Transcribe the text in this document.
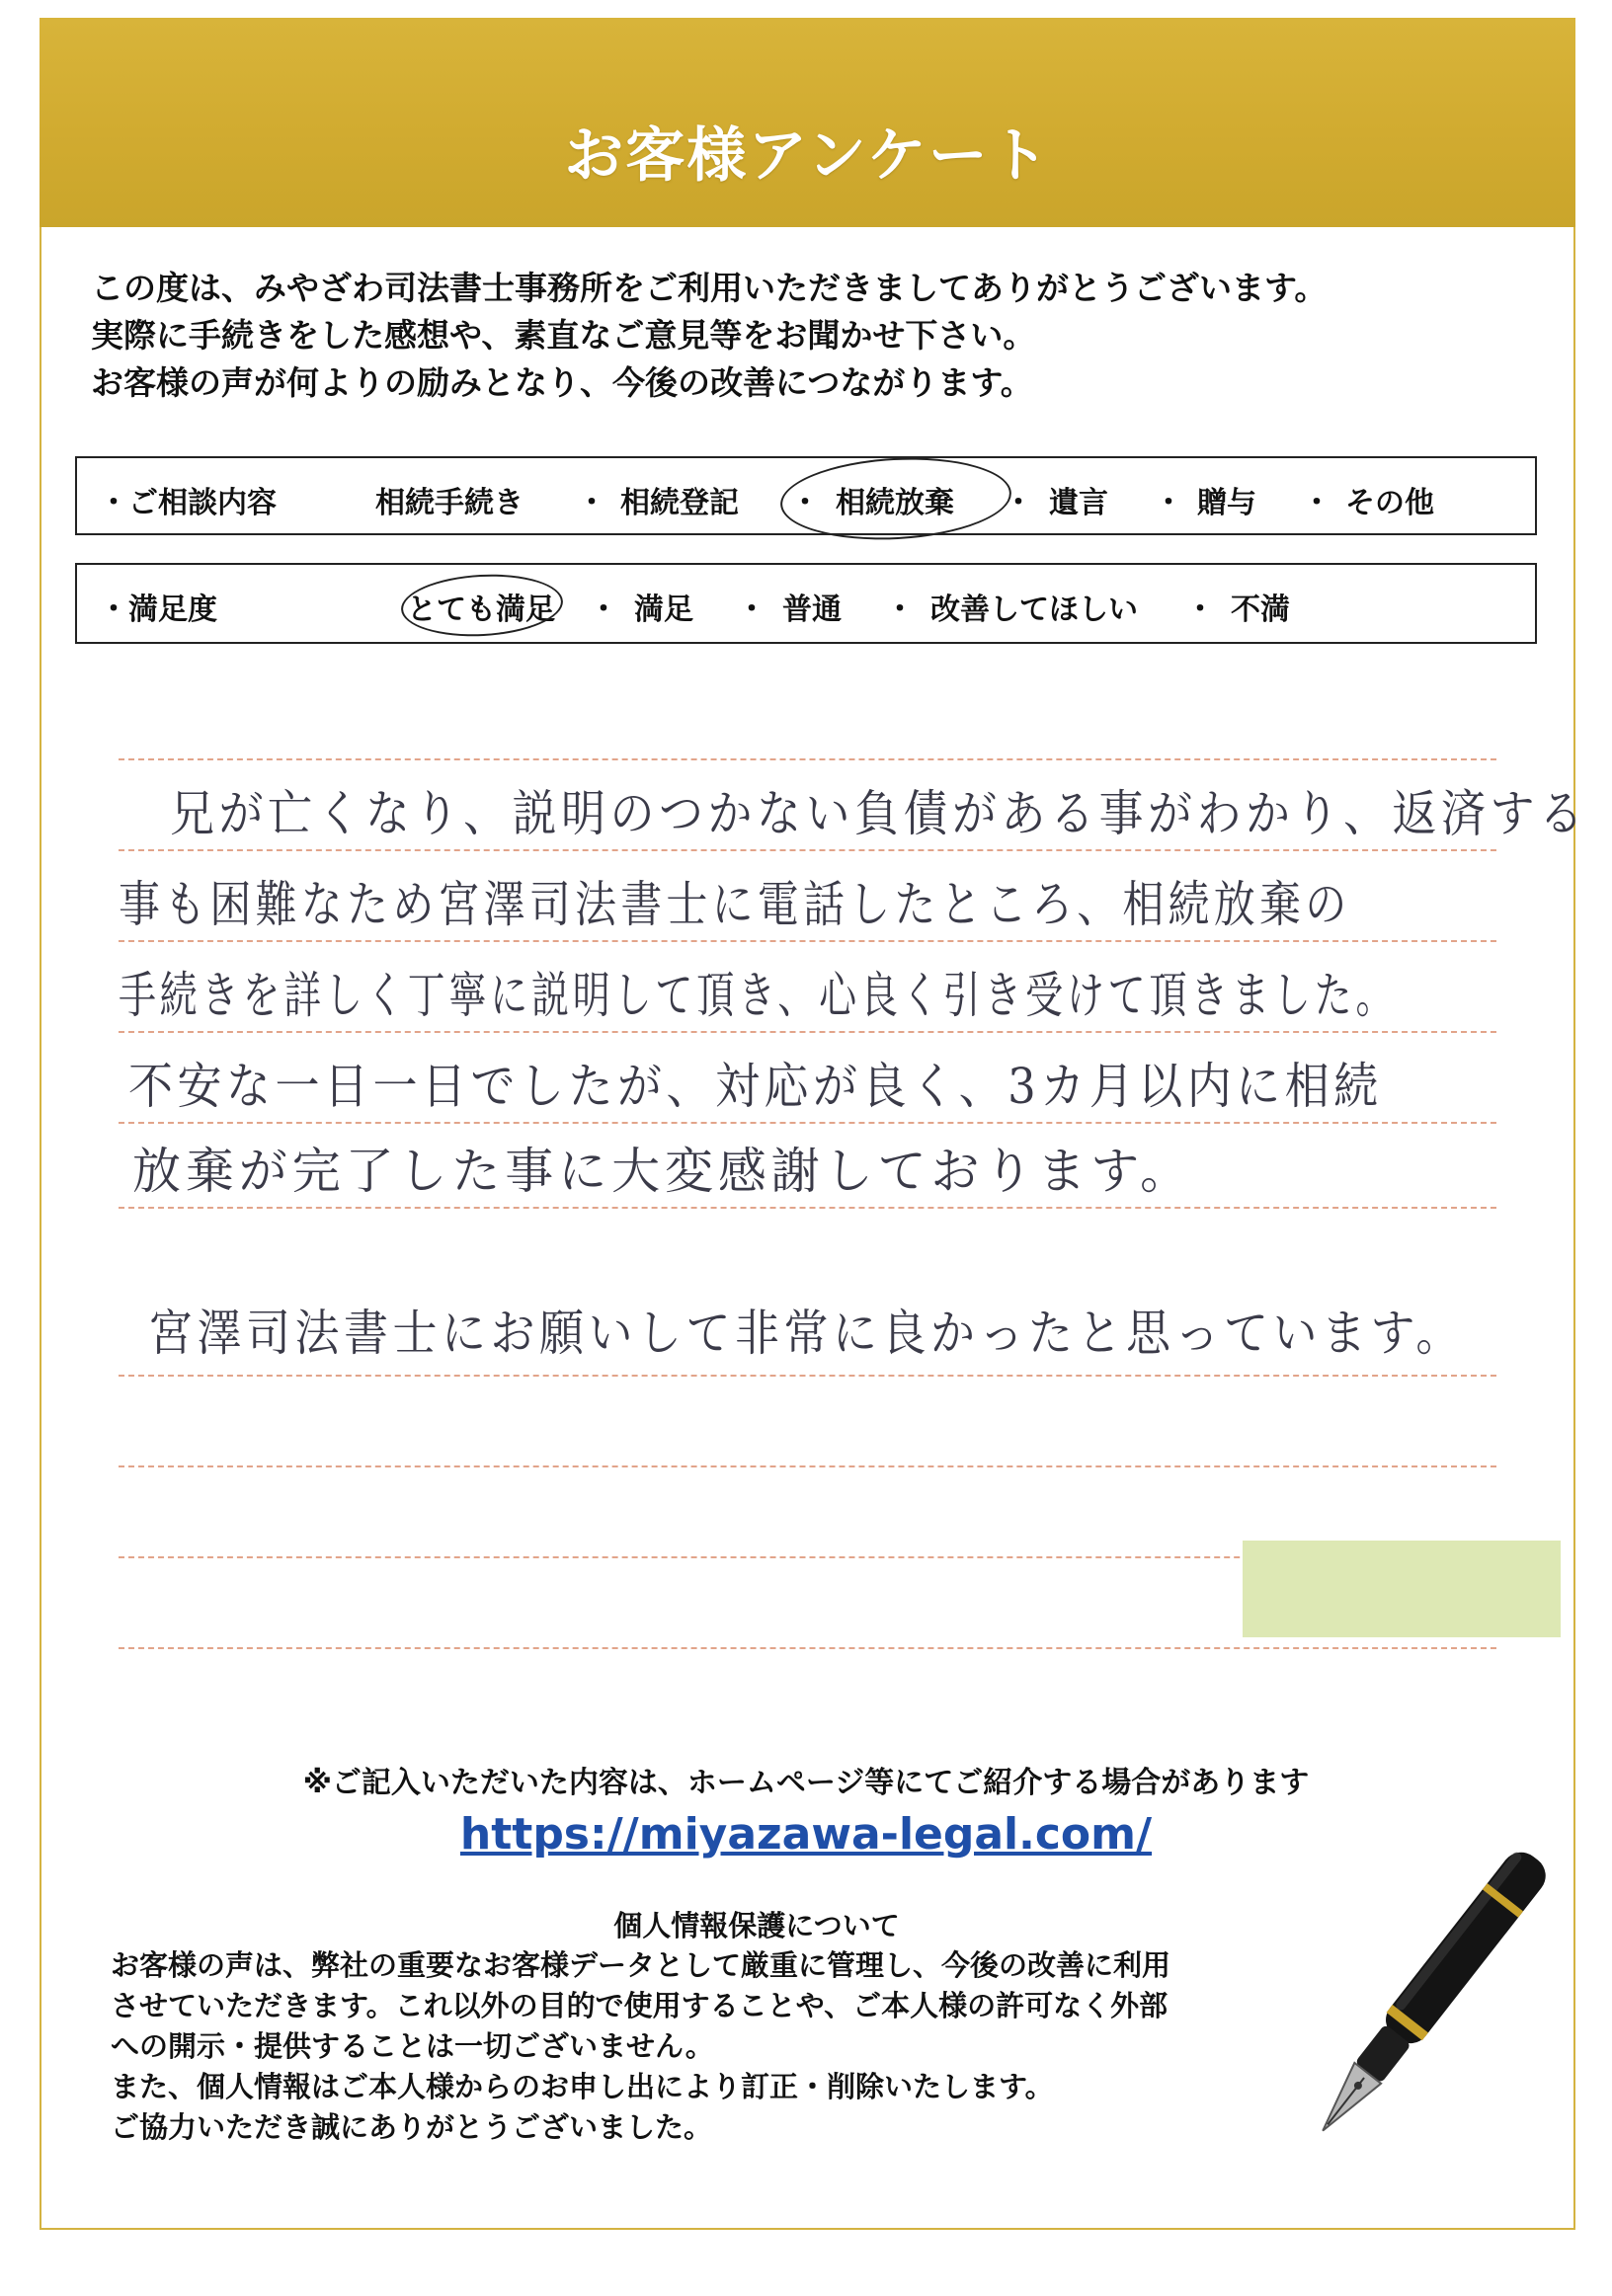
お客様アンケート
この度は、みやざわ司法書士事務所をご利用いただきましてありがとうございます。
実際に手続きをした感想や、素直なご意見等をお聞かせ下さい。
お客様の声が何よりの励みとなり、今後の改善につながります。
・ご相談内容	相続手続き ・ 相続登記 ・ 相続放棄 ・ 遺言 ・ 贈与 ・ その他
・満足度	とても満足 ・ 満足 ・ 普通 ・ 改善してほしい ・ 不満
兄が亡くなり、説明のつかない負債がある事がわかり、返済する
事も困難なため宮澤司法書士に電話したところ、相続放棄の
手続きを詳しく丁寧に説明して頂き、心良く引き受けて頂きました。
不安な一日一日でしたが、対応が良く、3カ月以内に相続
放棄が完了した事に大変感謝しております。
宮澤司法書士にお願いして非常に良かったと思っています。
※ご記入いただいた内容は、ホームページ等にてご紹介する場合があります
https://miyazawa-legal.com/
個人情報保護について
お客様の声は、弊社の重要なお客様データとして厳重に管理し、今後の改善に利用
させていただきます。これ以外の目的で使用することや、ご本人様の許可なく外部
への開示・提供することは一切ございません。
また、個人情報はご本人様からのお申し出により訂正・削除いたします。
ご協力いただき誠にありがとうございました。
